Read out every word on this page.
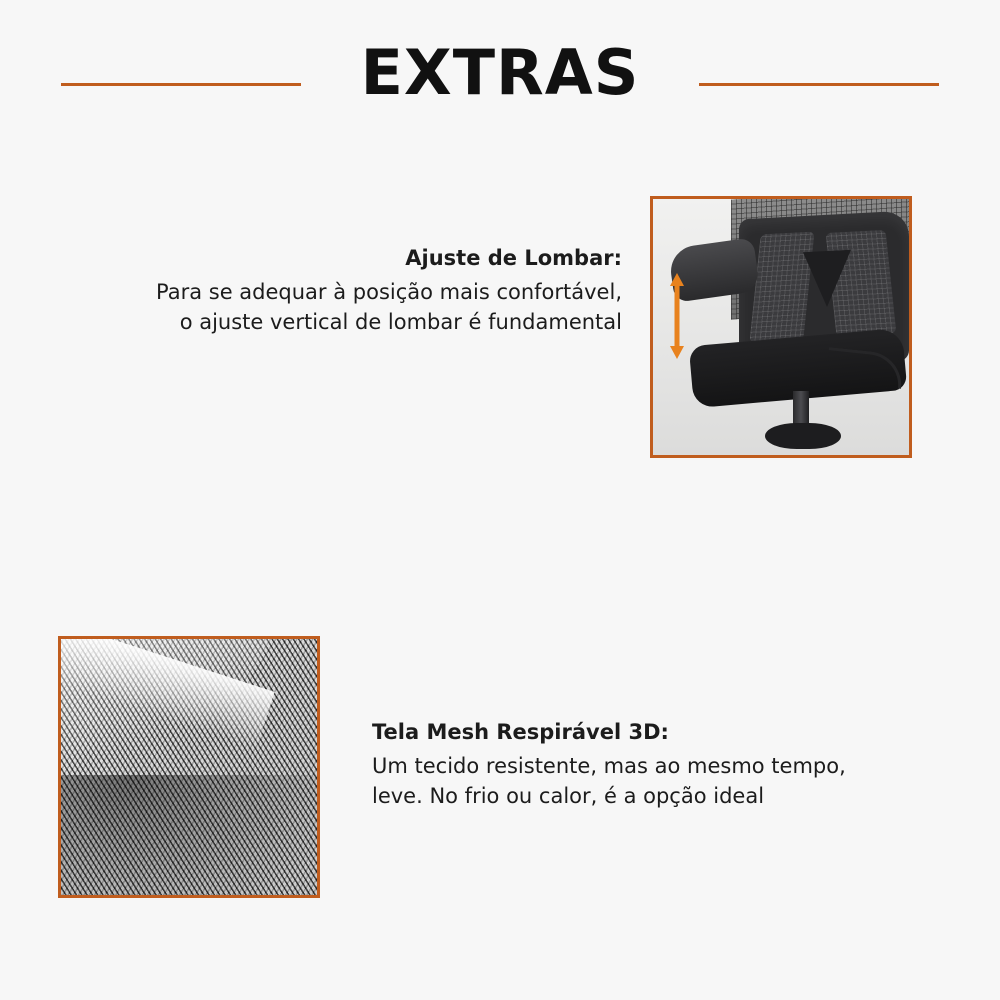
EXTRAS
Ajuste de Lombar:
Para se adequar à posição mais confortável,
o ajuste vertical de lombar é fundamental
Tela Mesh Respirável 3D:
Um tecido resistente, mas ao mesmo tempo,
leve. No frio ou calor, é a opção ideal
